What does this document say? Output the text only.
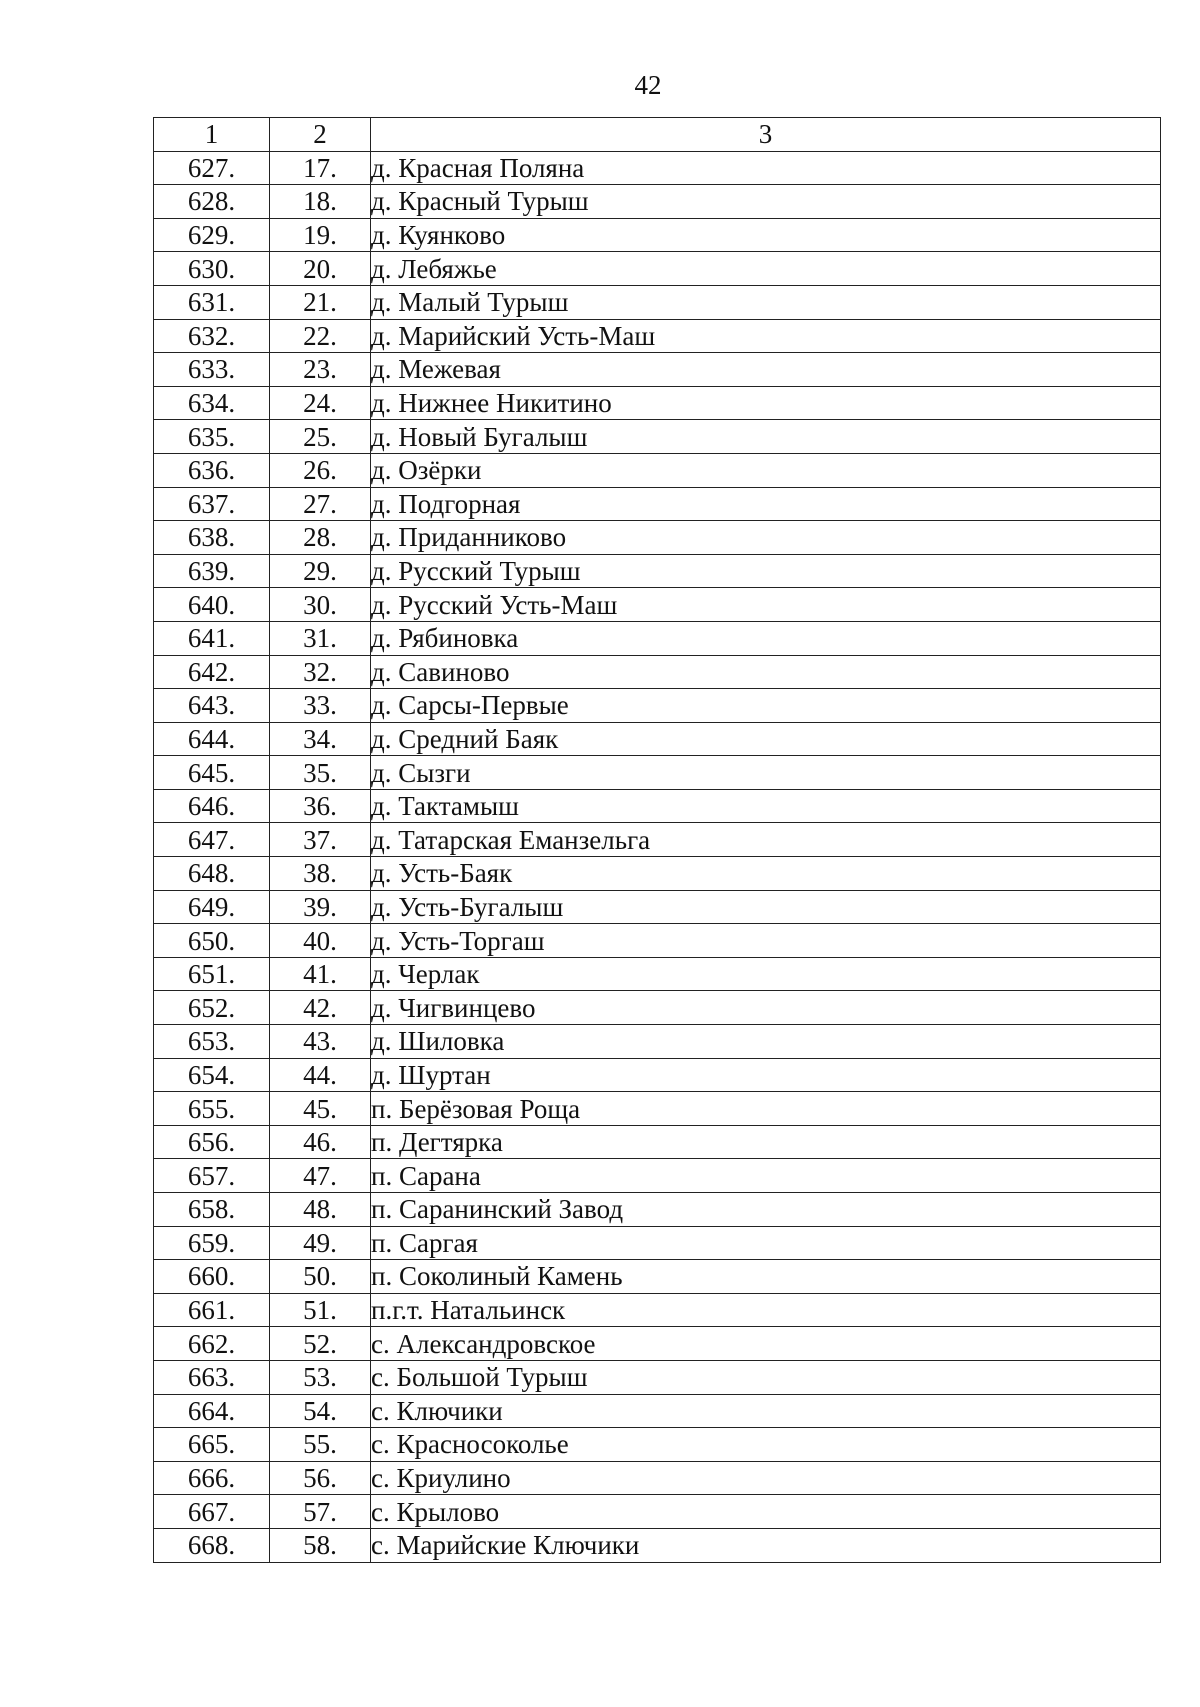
42
1	2	3
627.	17.	д. Красная Поляна
628.	18.	д. Красный Турыш
629.	19.	д. Куянково
630.	20.	д. Лебяжье
631.	21.	д. Малый Турыш
632.	22.	д. Марийский Усть-Маш
633.	23.	д. Межевая
634.	24.	д. Нижнее Никитино
635.	25.	д. Новый Бугалыш
636.	26.	д. Озёрки
637.	27.	д. Подгорная
638.	28.	д. Приданниково
639.	29.	д. Русский Турыш
640.	30.	д. Русский Усть-Маш
641.	31.	д. Рябиновка
642.	32.	д. Савиново
643.	33.	д. Сарсы-Первые
644.	34.	д. Средний Баяк
645.	35.	д. Сызги
646.	36.	д. Тактамыш
647.	37.	д. Татарская Еманзельга
648.	38.	д. Усть-Баяк
649.	39.	д. Усть-Бугалыш
650.	40.	д. Усть-Торгаш
651.	41.	д. Черлак
652.	42.	д. Чигвинцево
653.	43.	д. Шиловка
654.	44.	д. Шуртан
655.	45.	п. Берёзовая Роща
656.	46.	п. Дегтярка
657.	47.	п. Сарана
658.	48.	п. Саранинский Завод
659.	49.	п. Саргая
660.	50.	п. Соколиный Камень
661.	51.	п.г.т. Натальинск
662.	52.	с. Александровское
663.	53.	с. Большой Турыш
664.	54.	с. Ключики
665.	55.	с. Красносоколье
666.	56.	с. Криулино
667.	57.	с. Крылово
668.	58.	с. Марийские Ключики
